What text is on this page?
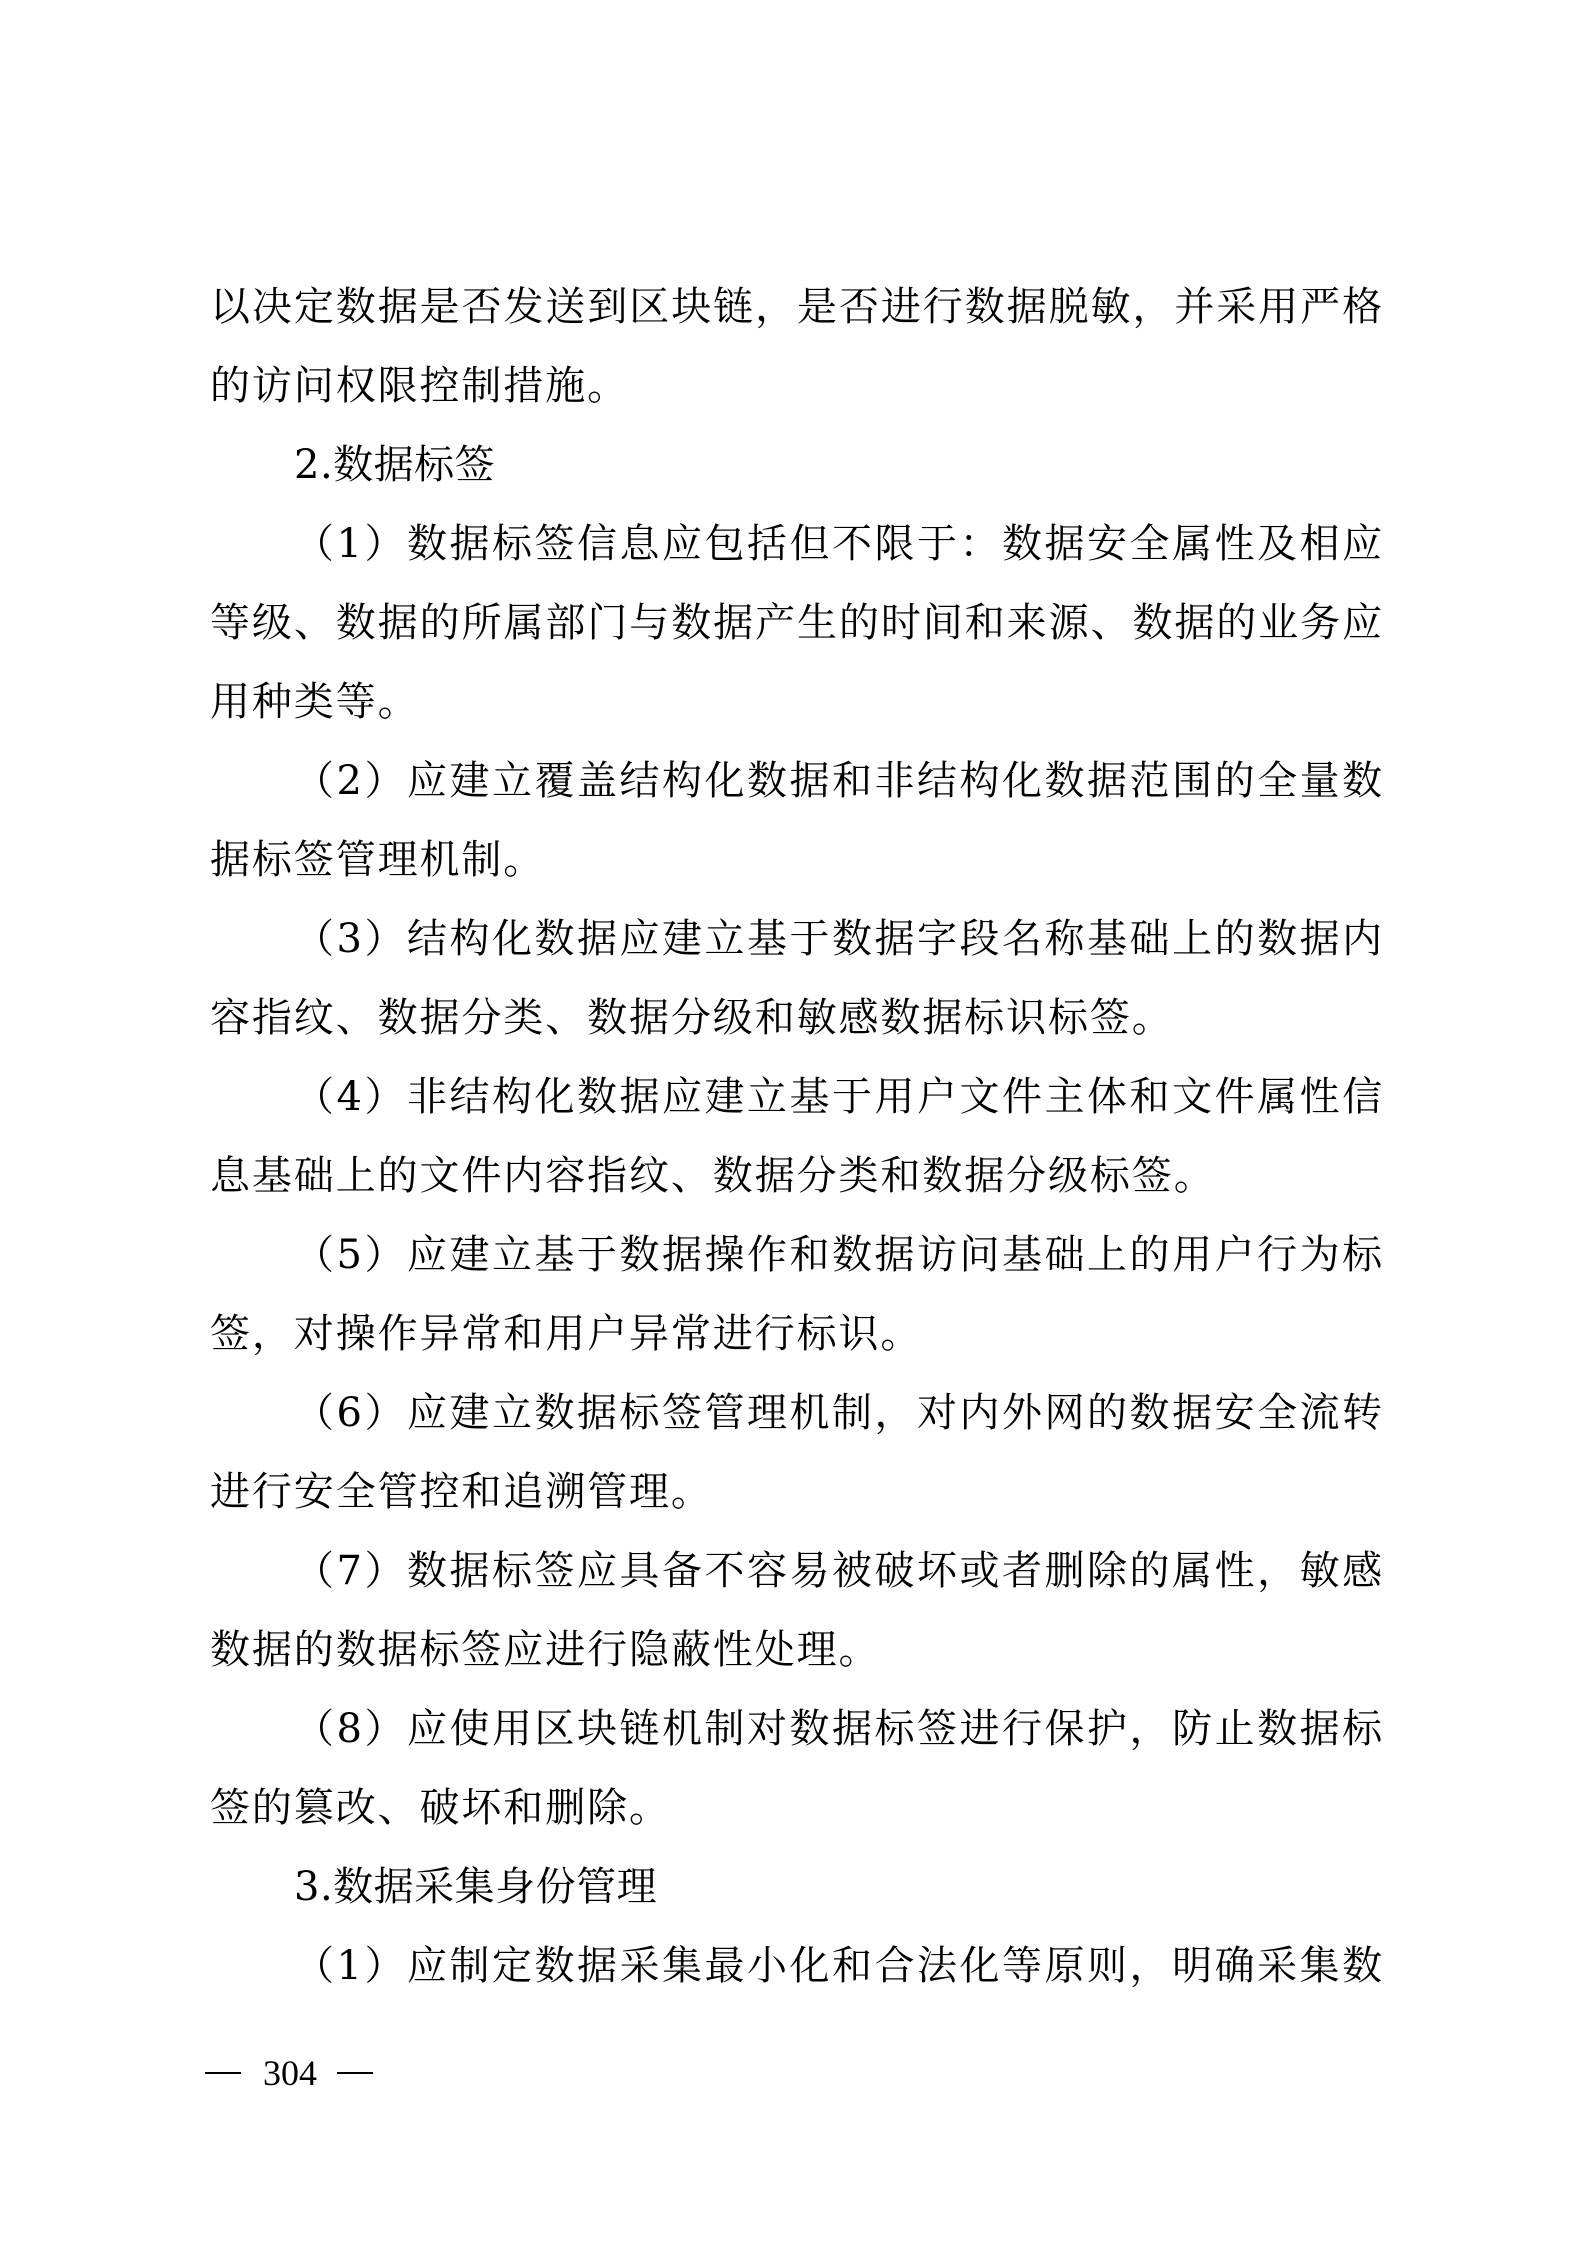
以决定数据是否发送到区块链，是否进行数据脱敏，并采用严格
的访问权限控制措施。
2.数据标签
（1）数据标签信息应包括但不限于：数据安全属性及相应
等级、数据的所属部门与数据产生的时间和来源、数据的业务应
用种类等。
（2）应建立覆盖结构化数据和非结构化数据范围的全量数
据标签管理机制。
（3）结构化数据应建立基于数据字段名称基础上的数据内
容指纹、数据分类、数据分级和敏感数据标识标签。
（4）非结构化数据应建立基于用户文件主体和文件属性信
息基础上的文件内容指纹、数据分类和数据分级标签。
（5）应建立基于数据操作和数据访问基础上的用户行为标
签，对操作异常和用户异常进行标识。
（6）应建立数据标签管理机制，对内外网的数据安全流转
进行安全管控和追溯管理。
（7）数据标签应具备不容易被破坏或者删除的属性，敏感
数据的数据标签应进行隐蔽性处理。
（8）应使用区块链机制对数据标签进行保护，防止数据标
签的篡改、破坏和删除。
3.数据采集身份管理
（1）应制定数据采集最小化和合法化等原则，明确采集数
304
